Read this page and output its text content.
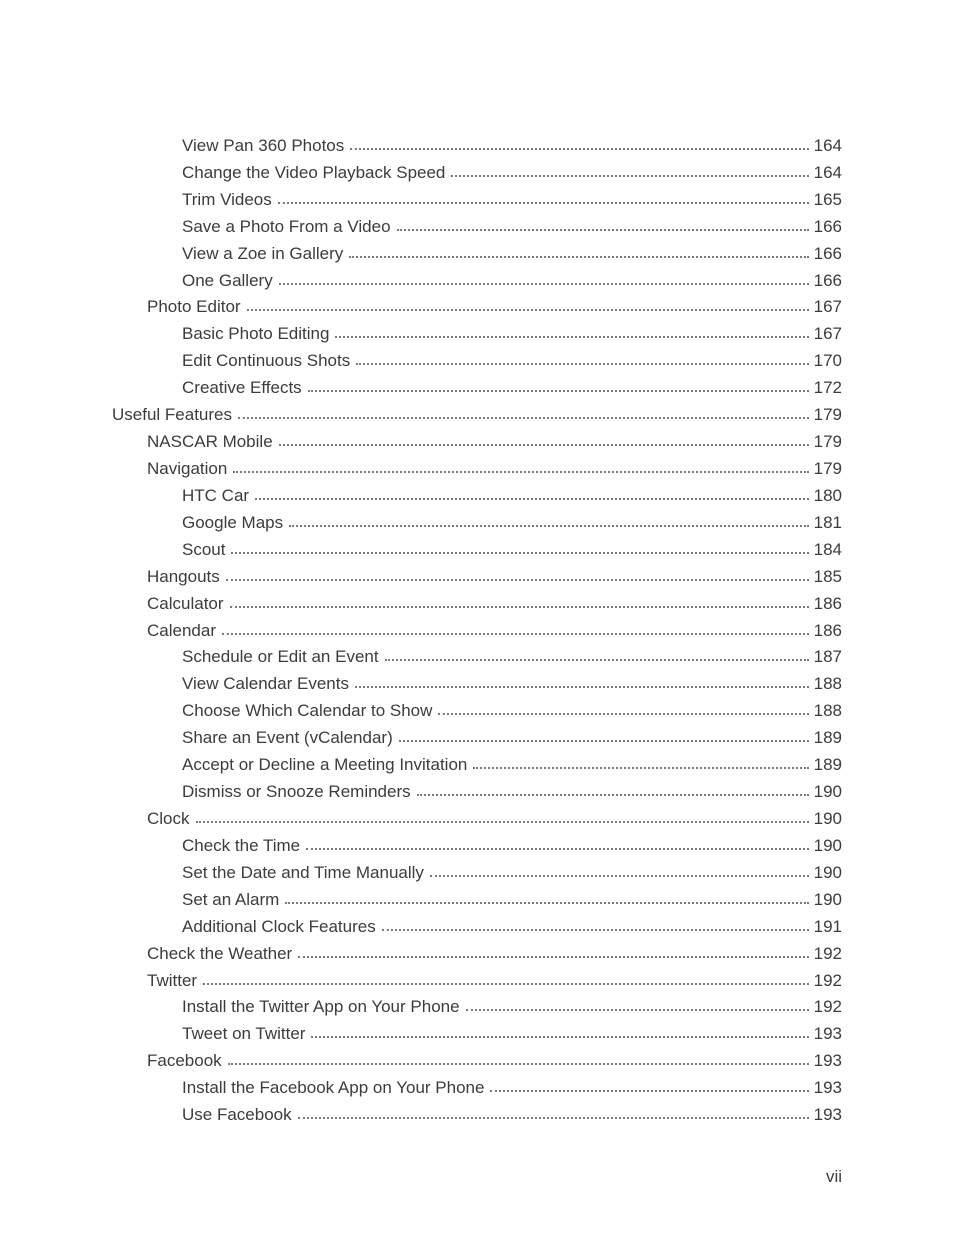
View Pan 360 Photos	164
Change the Video Playback Speed	164
Trim Videos	165
Save a Photo From a Video	166
View a Zoe in Gallery	166
One Gallery	166
Photo Editor	167
Basic Photo Editing	167
Edit Continuous Shots	170
Creative Effects	172
Useful Features	179
NASCAR Mobile	179
Navigation	179
HTC Car	180
Google Maps	181
Scout	184
Hangouts	185
Calculator	186
Calendar	186
Schedule or Edit an Event	187
View Calendar Events	188
Choose Which Calendar to Show	188
Share an Event (vCalendar)	189
Accept or Decline a Meeting Invitation	189
Dismiss or Snooze Reminders	190
Clock	190
Check the Time	190
Set the Date and Time Manually	190
Set an Alarm	190
Additional Clock Features	191
Check the Weather	192
Twitter	192
Install the Twitter App on Your Phone	192
Tweet on Twitter	193
Facebook	193
Install the Facebook App on Your Phone	193
Use Facebook	193
vii
